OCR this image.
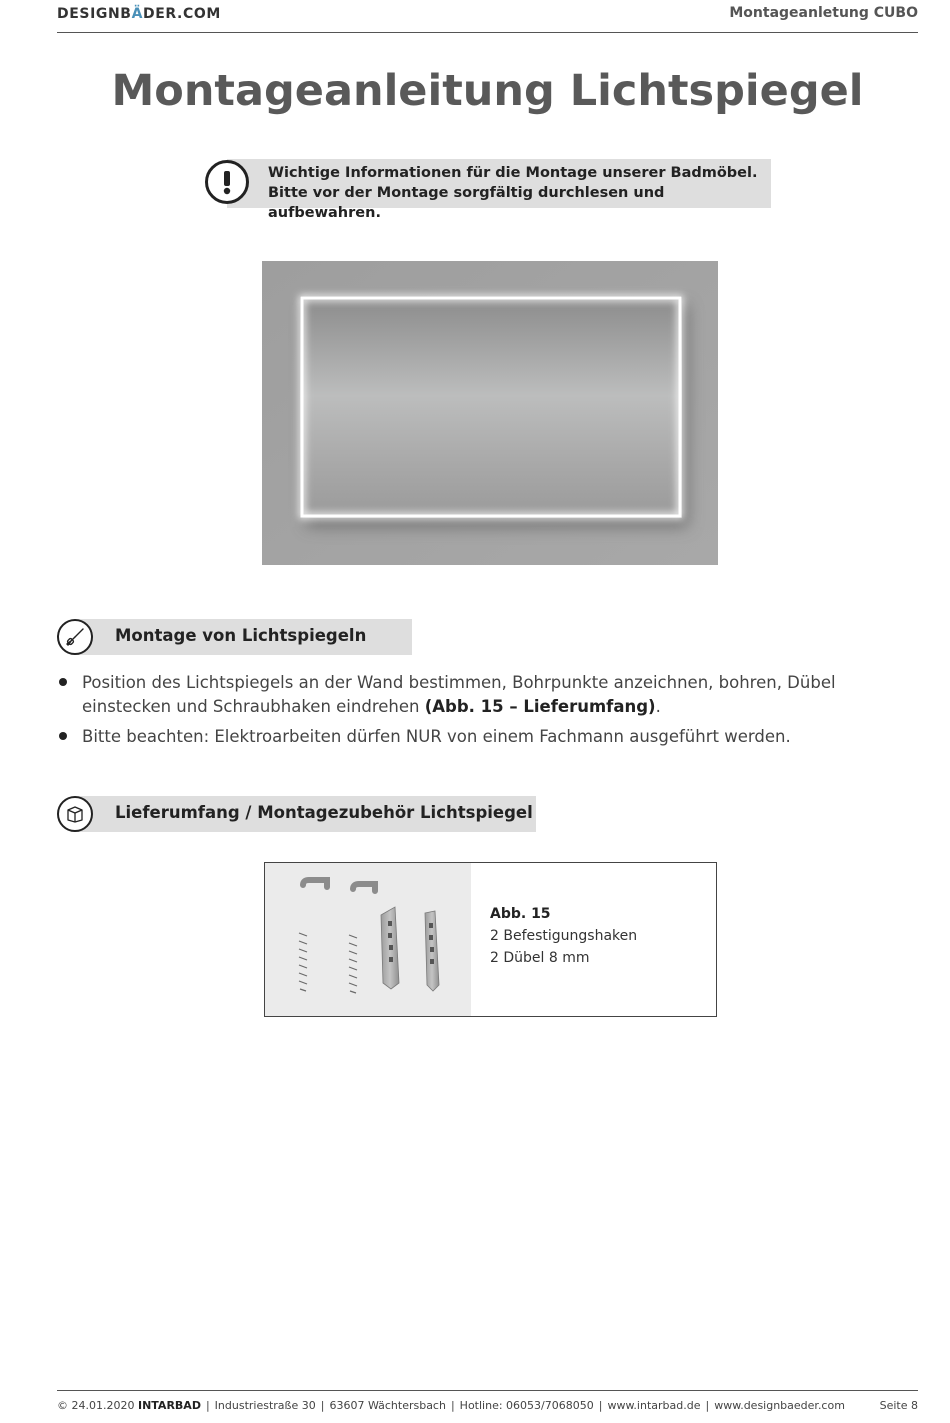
DESIGNBÄDER.COM	Montageanletung CUBO
Montageanleitung Lichtspiegel
Wichtige Informationen für die Montage unserer Badmöbel.
Bitte vor der Montage sorgfältig durchlesen und aufbewahren.
Montage von Lichtspiegeln
Position des Lichtspiegels an der Wand bestimmen, Bohrpunkte anzeichnen, bohren, Dübel einstecken und Schraubhaken eindrehen (Abb. 15 – Lieferumfang).
Bitte beachten: Elektroarbeiten dürfen NUR von einem Fachmann ausgeführt werden.
Lieferumfang / Montagezubehör Lichtspiegel
Abb. 15
2 Befestigungshaken
2 Dübel 8 mm
© 24.01.2020 INTARBAD | Industriestraße 30 | 63607 Wächtersbach | Hotline: 06053/7068050 | www.intarbad.de | www.designbaeder.com	Seite 8
